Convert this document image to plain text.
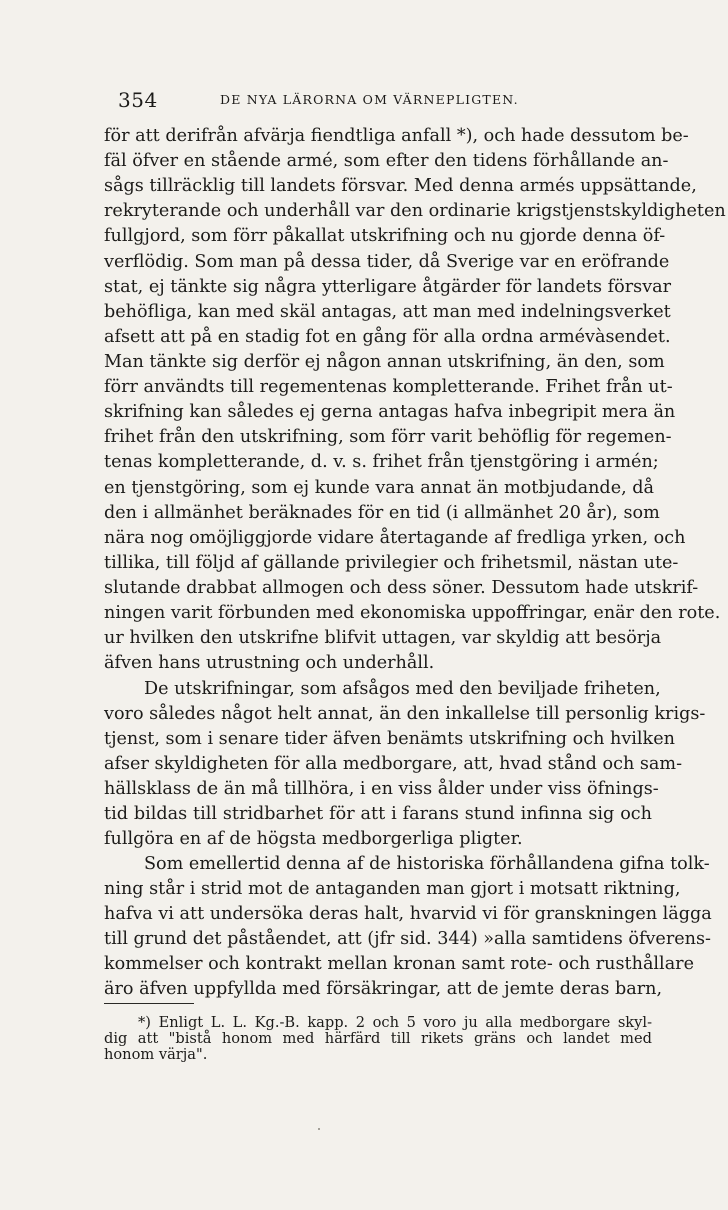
354	DE NYA LÄRORNA OM VÄRNEPLIGTEN.
för att derifrån afvärja fiendtliga anfall *), och hade dessutom be-
fäl öfver en stående armé, som efter den tidens förhållande an-
sågs tillräcklig till landets försvar. Med denna armés uppsättande,
rekryterande och underhåll var den ordinarie krigstjenstskyldigheten
fullgjord, som förr påkallat utskrifning och nu gjorde denna öf-
verflödig. Som man på dessa tider, då Sverige var en eröfrande
stat, ej tänkte sig några ytterligare åtgärder för landets försvar
behöfliga, kan med skäl antagas, att man med indelningsverket
afsett att på en stadig fot en gång för alla ordna armévàsendet.
Man tänkte sig derför ej någon annan utskrifning, än den, som
förr användts till regementenas kompletterande. Frihet från ut-
skrifning kan således ej gerna antagas hafva inbegripit mera än
frihet från den utskrifning, som förr varit behöflig för regemen-
tenas kompletterande, d. v. s. frihet från tjenstgöring i armén;
en tjenstgöring, som ej kunde vara annat än motbjudande, då
den i allmänhet beräknades för en tid (i allmänhet 20 år), som
nära nog omöjliggjorde vidare återtagande af fredliga yrken, och
tillika, till följd af gällande privilegier och frihetsmil, nästan ute-
slutande drabbat allmogen och dess söner. Dessutom hade utskrif-
ningen varit förbunden med ekonomiska uppoffringar, enär den rote.
ur hvilken den utskrifne blifvit uttagen, var skyldig att besörja
äfven hans utrustning och underhåll.
De utskrifningar, som afsågos med den beviljade friheten,
voro således något helt annat, än den inkallelse till personlig krigs-
tjenst, som i senare tider äfven benämts utskrifning och hvilken
afser skyldigheten för alla medborgare, att, hvad stånd och sam-
hällsklass de än må tillhöra, i en viss ålder under viss öfnings-
tid bildas till stridbarhet för att i farans stund infinna sig och
fullgöra en af de högsta medborgerliga pligter.
Som emellertid denna af de historiska förhållandena gifna tolk-
ning står i strid mot de antaganden man gjort i motsatt riktning,
hafva vi att undersöka deras halt, hvarvid vi för granskningen lägga
till grund det påståendet, att (jfr sid. 344) »alla samtidens öfverens-
kommelser och kontrakt mellan kronan samt rote- och rusthållare
äro äfven uppfyllda med försäkringar, att de jemte deras barn,
*) Enligt L. L. Kg.-B. kapp. 2 och 5 voro ju alla medborgare skyl-
dig att "bistå honom med härfärd till rikets gräns och landet med
honom värja".
